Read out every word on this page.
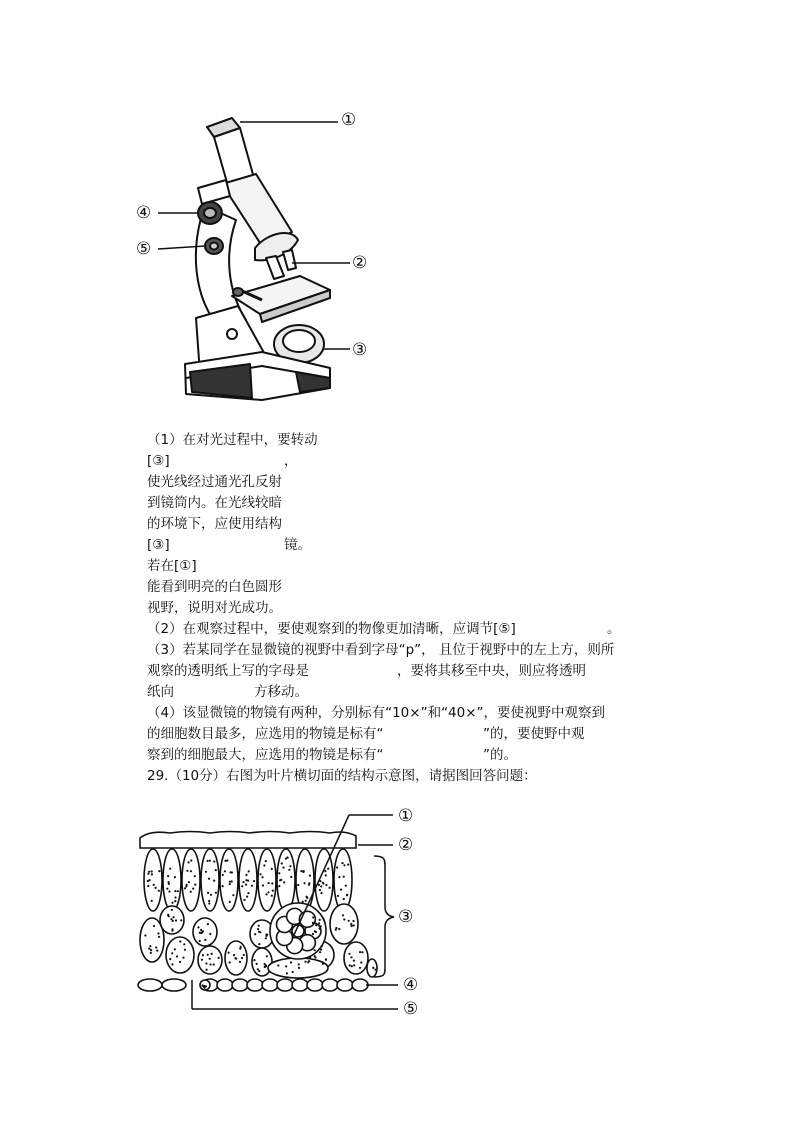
①
②
③
④
⑤
（1）在对光过程中，要转动
[③]	，
使光线经过通光孔反射
到镜筒内。在光线较暗
的环境下，应使用结构
[③]	镜。
若在[①]
能看到明亮的白色圆形
视野，说明对光成功。
（2）在观察过程中，要使观察到的物像更加清晰，应调节[⑤]	。
（3）若某同学在显微镜的视野中看到字母“p”， 且位于视野中的左上方，则所
观察的透明纸上写的字母是	，要将其移至中央，则应将透明
纸向	方移动。
（4）该显微镜的物镜有两种，分别标有“10×”和“40×”，要使视野中观察到
的细胞数目最多，应选用的物镜是标有“	”的，要使野中观
察到的细胞最大，应选用的物镜是标有“	”的。
29.（10分）右图为叶片横切面的结构示意图，请据图回答问题：
①
②
③
④
⑤
